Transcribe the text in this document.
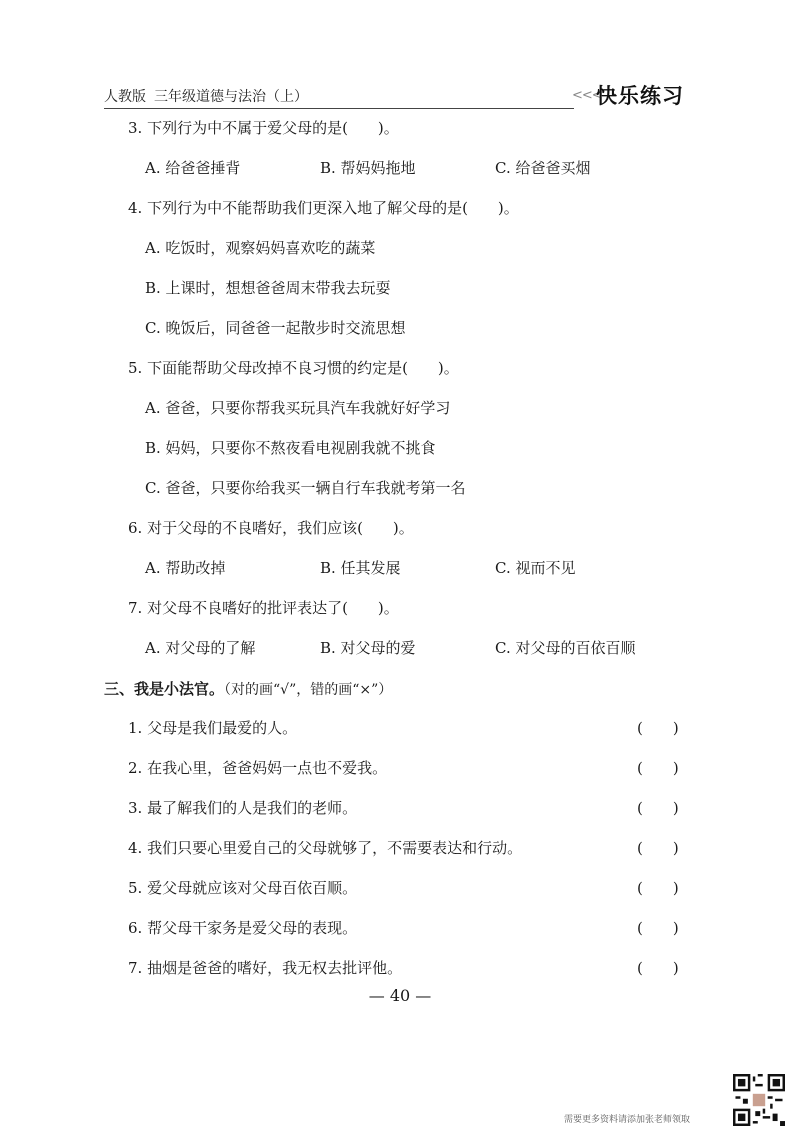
人教版 三年级道德与法治（上）	<<<
快乐练习
3. 下列行为中不属于爱父母的是(　　)。
A. 给爸爸捶背	B. 帮妈妈拖地	C. 给爸爸买烟
4. 下列行为中不能帮助我们更深入地了解父母的是(　　)。
A. 吃饭时，观察妈妈喜欢吃的蔬菜
B. 上课时，想想爸爸周末带我去玩耍
C. 晚饭后，同爸爸一起散步时交流思想
5. 下面能帮助父母改掉不良习惯的约定是(　　)。
A. 爸爸，只要你帮我买玩具汽车我就好好学习
B. 妈妈，只要你不熬夜看电视剧我就不挑食
C. 爸爸，只要你给我买一辆自行车我就考第一名
6. 对于父母的不良嗜好，我们应该(　　)。
A. 帮助改掉	B. 任其发展	C. 视而不见
7. 对父母不良嗜好的批评表达了(　　)。
A. 对父母的了解	B. 对父母的爱	C. 对父母的百依百顺
三、我是小法官。（对的画“√”，错的画“×”）
1. 父母是我们最爱的人。	(　　)
2. 在我心里，爸爸妈妈一点也不爱我。	(　　)
3. 最了解我们的人是我们的老师。	(　　)
4. 我们只要心里爱自己的父母就够了，不需要表达和行动。	(　　)
5. 爱父母就应该对父母百依百顺。	(　　)
6. 帮父母干家务是爱父母的表现。	(　　)
7. 抽烟是爸爸的嗜好，我无权去批评他。	(　　)
— 40 —
需要更多资料请添加张老师领取
